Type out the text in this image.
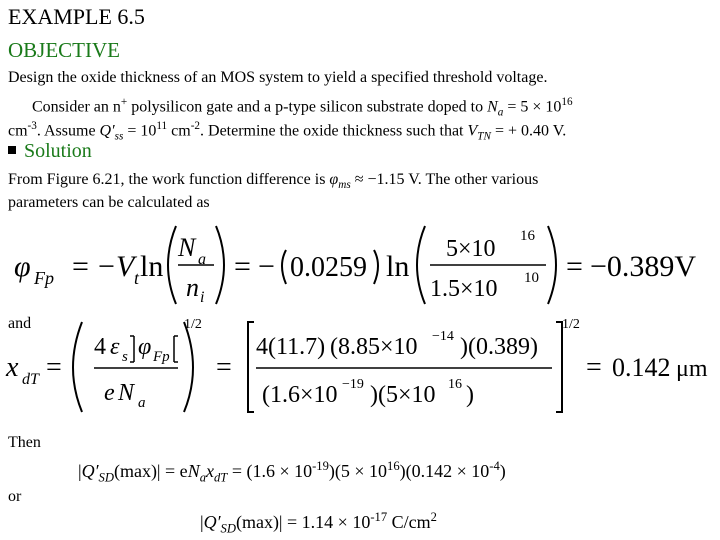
EXAMPLE 6.5
OBJECTIVE
Design the oxide thickness of an MOS system to yield a specified threshold voltage.
Consider an n+ polysilicon gate and a p-type silicon substrate doped to $N_a = 5 \times 10^{16}$
$cm^{-3}$. Assume $Q'_{ss} = 10^{11}$ $cm^{-2}$. Determine the oxide thickness such that $V_{TN}$ = + 0.40 V.
Solution
From Figure 6.21, the work function difference is $\varphi_{ms} \approx -1.15$ V. The other various
parameters can be calculated as
φ Fp = − V t ln
N a
n i
= − 0.0259 ln
5×10 16
1.5×10 10 = −0.389V
and
x dT =
4 ε s φ Fp
e N a
1/2
=
4(11.7) (8.85×10 −14 )(0.389)
(1.6×10 −19 )(5×10 16 )
1/2
= 0.142 μm
Then
$|Q'_{SD}(\max)| = eN_ax_{dT} = (1.6 \times 10^{-19})(5 \times 10^{16})(0.142 \times 10^{-4})$
or
$|Q'_{SD}(\max)| = 1.14 \times 10^{-17}$ $C/cm^2$
